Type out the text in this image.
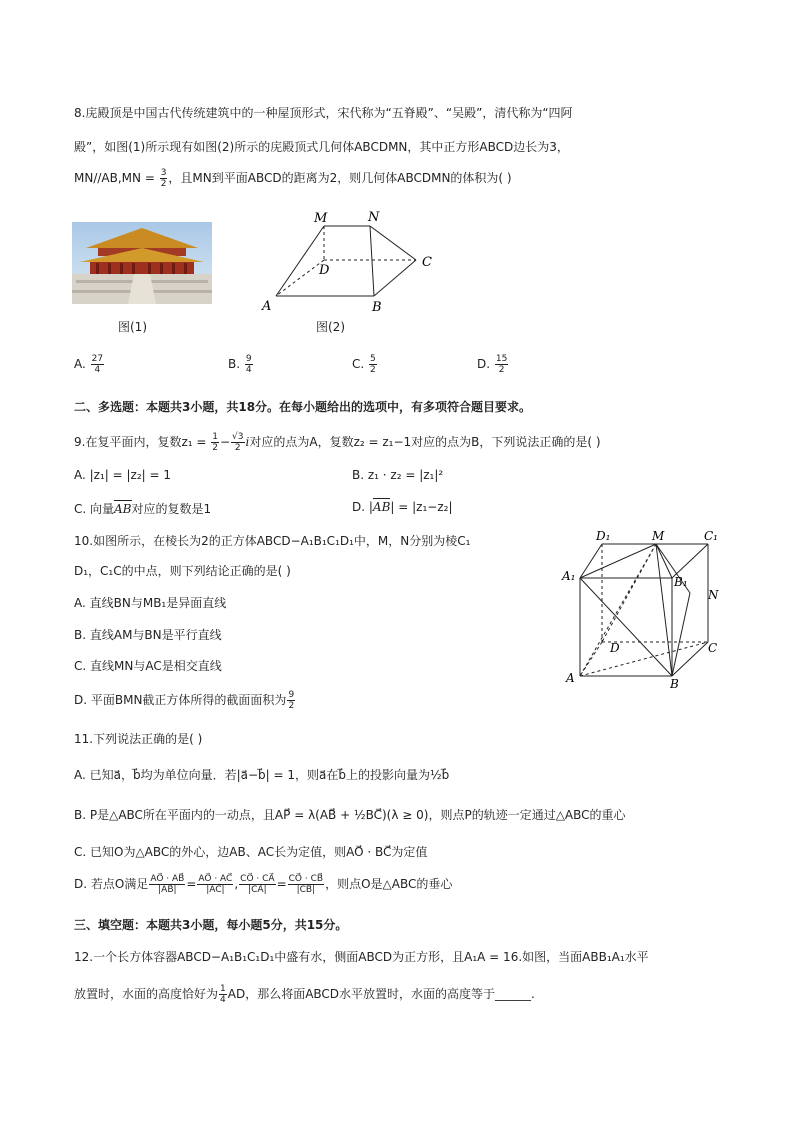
8.庑殿顶是中国古代传统建筑中的一种屋顶形式，宋代称为“五脊殿”、“吴殿”，清代称为“四阿
殿”，如图(1)所示现有如图(2)所示的庑殿顶式几何体ABCDMN，其中正方形ABCD边长为3，
$MN//AB,MN = \frac{3}{2}$ ，且MN到平面ABCD的距离为2，则几何体ABCDMN的体积为( )
图(1)
M	N
D
C
A	B
图(2)
A. $\frac{27}{4}$	B. $\frac{9}{4}$	C. $\frac{5}{2}$	D. $\frac{15}{2}$
二、多选题：本题共3小题，共18分。在每小题给出的选项中，有多项符合题目要求。
9.在复平面内，复数$z_1 = \frac{1}{2} - \frac{√3}{2}$ i对应的点为A，复数z₂ = z₁−1对应的点为B，下列说法正确的是( )
A. |z₁| = |z₂| = 1	B. z₁ · z₂ = |z₁|²
C. 向量AB对应的复数是1	D. |AB| = |z₁−z₂|
10.如图所示，在棱长为2的正方体ABCD−A₁B₁C₁D₁中，M，N分别为棱C₁
D₁，C₁C的中点，则下列结论正确的是( )
A. 直线BN与MB₁是异面直线
B. 直线AM与BN是平行直线
C. 直线MN与AC是相交直线
D. 平面BMN截正方体所得的截面面积为 $\frac{9}{2}$
D₁	M	C₁
A₁	B₁
N
D	C
A	B
11.下列说法正确的是( )
A. 已知a⃗，b⃗均为单位向量．若|a⃗−b⃗| = 1，则a⃗在b⃗上的投影向量为½b⃗
B. P是△ABC所在平面内的一动点，且AP⃗ = λ(AB⃗ + ½BC⃗)(λ ≥ 0)，则点P的轨迹一定通过△ABC的重心
C. 已知O为△ABC的外心，边AB、AC长为定值，则AO⃗ · BC⃗为定值
D. 若点O满足 $\frac{AO⃗ \cdot AB⃗}{|AB⃗|} = \frac{AO⃗ \cdot AC⃗}{|AC⃗|}$ , $\frac{CO⃗ \cdot CA⃗}{|CA⃗|} = \frac{CO⃗ \cdot CB⃗}{|CB⃗|}$ ，则点O是△ABC的垂心
三、填空题：本题共3小题，每小题5分，共15分。
12.一个长方体容器ABCD−A₁B₁C₁D₁中盛有水，侧面ABCD为正方形，且A₁A = 16.如图，当面ABB₁A₁水平
放置时，水面的高度恰好为 $\frac{1}{4}$ AD，那么将面ABCD水平放置时，水面的高度等于______.
